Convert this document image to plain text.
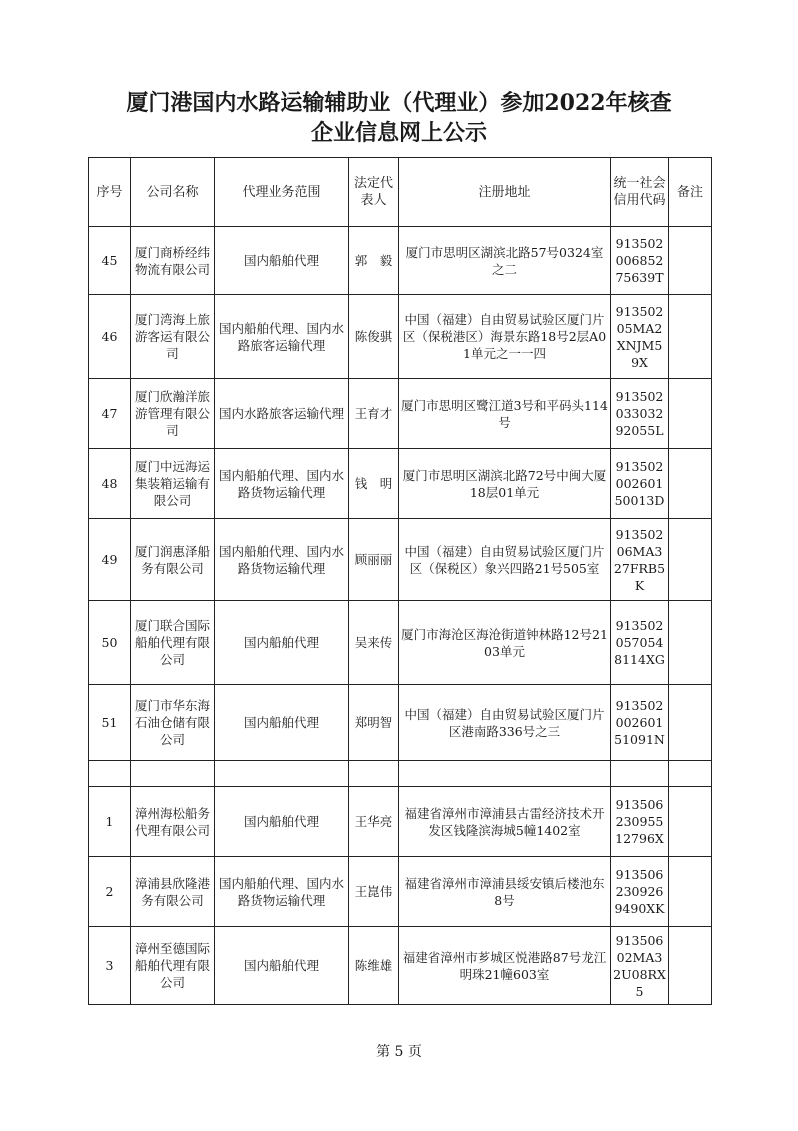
厦门港国内水路运输辅助业（代理业）参加2022年核查
企业信息网上公示
序号	公司名称	代理业务范围	法定代表人	注册地址	统一社会信用代码	备注
45	厦门商桥经纬物流有限公司	国内船舶代理	郭　毅	厦门市思明区湖滨北路57号0324室之二	913502006852 75639T	
46	厦门湾海上旅游客运有限公司	国内船舶代理、国内水路旅客运输代理	陈俊骐	中国（福建）自由贸易试验区厦门片区（保税港区）海景东路18号2层A01单元之一一四	91350205MA2XNJM59X	
47	厦门欣瀚洋旅游管理有限公司	国内水路旅客运输代理	王育才	厦门市思明区鹭江道3号和平码头114号	91350203303292055L	
48	厦门中远海运集装箱运输有限公司	国内船舶代理、国内水路货物运输代理	钱　明	厦门市思明区湖滨北路72号中闽大厦18层01单元	91350200260150013D	
49	厦门润惠泽船务有限公司	国内船舶代理、国内水路货物运输代理	顾丽丽	中国（福建）自由贸易试验区厦门片区（保税区）象兴四路21号505室	91350206MA327FRB5K	
50	厦门联合国际船舶代理有限公司	国内船舶代理	吴来传	厦门市海沧区海沧街道钟林路12号2103单元	913502057054 8114XG	
51	厦门市华东海石油仓储有限公司	国内船舶代理	郑明智	中国（福建）自由贸易试验区厦门片区港南路336号之三	91350200260151091N	

1	漳州海松船务代理有限公司	国内船舶代理	王华亮	福建省漳州市漳浦县古雷经济技术开发区钱隆滨海城5幢1402室	91350623095512796X	
2	漳浦县欣隆港务有限公司	国内船舶代理、国内水路货物运输代理	王崑伟	福建省漳州市漳浦县绥安镇后楼池东8号	913506230926 9490XK	
3	漳州至德国际船舶代理有限公司	国内船舶代理	陈维雄	福建省漳州市芗城区悦港路87号龙江明珠21幢603室	91350602MA32U08RX5	
第 5 页
